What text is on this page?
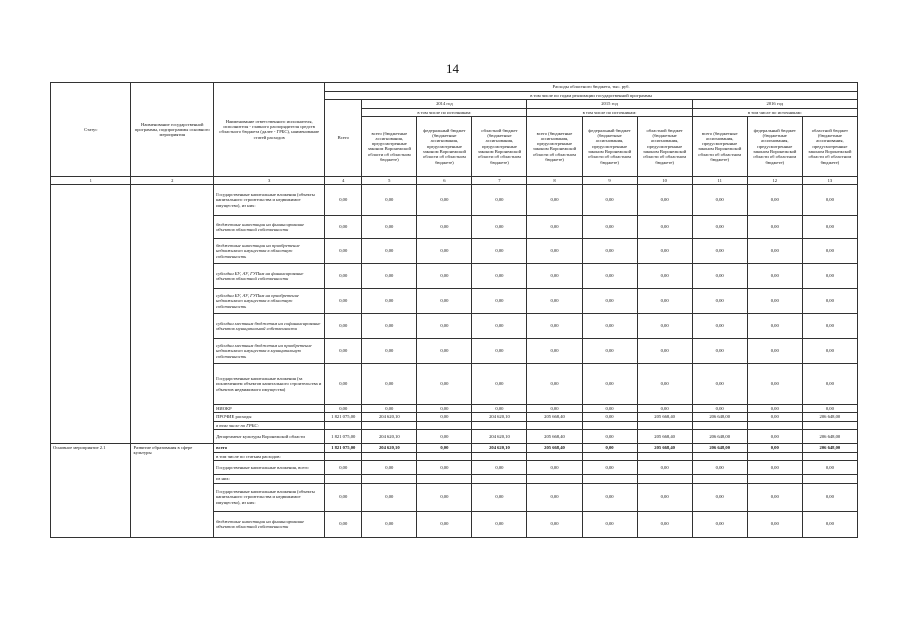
14
Статус	Наименование государственной программы, подпрограммы основного мероприятия	Наименование ответственного исполнителя, исполнителя - главного распорядителя средств областного бюджета (далее - ГРБС), наименование статей расходов	Расходы областного бюджета, тыс. руб.									
			в том числе по годам реализации государственной программы									
			Всего	2014 год			2015 год			2016 год		
				в том числе по источникам:			в том числе по источникам:			в том числе по источникам:		
				всего (бюджетные ассигнования, предусмотренные законом Воронежской области об областном бюджете)	федеральный бюджет (бюджетные ассигнования, предусмотренные законом Воронежской области об областном бюджете)	областной бюджет (бюджетные ассигнования, предусмотренные законом Воронежской области об областном бюджете)	всего (бюджетные ассигнования, предусмотренные законом Воронежской области об областном бюджете)	федеральный бюджет (бюджетные ассигнования, предусмотренные законом Воронежской области об областном бюджете)	областной бюджет (бюджетные ассигнования, предусмотренные законом Воронежской области об областном бюджете)	всего (бюджетные ассигнования, предусмотренные законом Воронежской области об областном бюджете)	федеральный бюджет (бюджетные ассигнования, предусмотренные законом Воронежской области об областном бюджете)	областной бюджет (бюджетные ассигнования, предусмотренные законом Воронежской области об областном бюджете)
1	2	3	4	5	6	7	8	9	10	11	12	13
		Государственные капитальные вложения (объекты капитального строительства и недвижимое имущество), из них:	0,00	0,00	0,00	0,00	0,00	0,00	0,00	0,00	0,00	0,00
		бюджетные инвестиции на финансирование объектов областной собственности	0,00	0,00	0,00	0,00	0,00	0,00	0,00	0,00	0,00	0,00
		бюджетные инвестиции на приобретение недвижимого имущества в областную собственность	0,00	0,00	0,00	0,00	0,00	0,00	0,00	0,00	0,00	0,00
		субсидии БУ, АУ, ГУПам на финансирование объектов областной собственности	0,00	0,00	0,00	0,00	0,00	0,00	0,00	0,00	0,00	0,00
		субсидии БУ, АУ, ГУПам на приобретение недвижимого имущества в областную собственность	0,00	0,00	0,00	0,00	0,00	0,00	0,00	0,00	0,00	0,00
		субсидии местным бюджетам на софинансирование объектов муниципальной собственности	0,00	0,00	0,00	0,00	0,00	0,00	0,00	0,00	0,00	0,00
		субсидии местным бюджетам на приобретение недвижимого имущества в муниципальную собственность	0,00	0,00	0,00	0,00	0,00	0,00	0,00	0,00	0,00	0,00
		Государственные капитальные вложения (за исключением объектов капитального строительства и объектов недвижимого имущества)	0,00	0,00	0,00	0,00	0,00	0,00	0,00	0,00	0,00	0,00
		НИОКР	0,00	0,00	0,00	0,00	0,00	0,00	0,00	0,00	0,00	0,00
		ПРОЧИЕ расходы	1 821 075,00	204 620,10	0,00	204 620,10	205 668,40	0,00	205 668,40	206 648,00	0,00	206 648,00
		в том числе по ГРБС:										
		Департамент культуры Воронежской области	1 821 075,00	204 620,10	0,00	204 620,10	205 668,40	0,00	205 668,40	206 648,00	0,00	206 648,00
Основное мероприятие 2.1	Развитие образования в сфере культуры	всего	1 821 075,00	204 620,10	0,00	204 620,10	205 668,40	0,00	205 668,40	206 648,00	0,00	206 648,00
		в том числе по статьям расходов:										
		Государственные капитальные вложения, всего	0,00	0,00	0,00	0,00	0,00	0,00	0,00	0,00	0,00	0,00
		из них:										
		Государственные капитальные вложения (объекты капитального строительства и недвижимое имущество), из них:	0,00	0,00	0,00	0,00	0,00	0,00	0,00	0,00	0,00	0,00
		бюджетные инвестиции на финансирование объектов областной собственности	0,00	0,00	0,00	0,00	0,00	0,00	0,00	0,00	0,00	0,00
